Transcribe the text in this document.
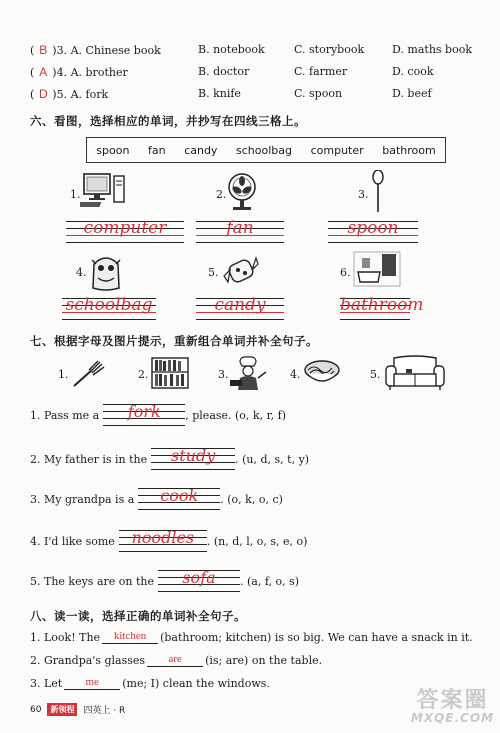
( B )3. A. Chinese book	B. notebook	C. storybook	D. maths book
( A )4. A. brother	B. doctor	C. farmer	D. cook
( D )5. A. fork	B. knife	C. spoon	D. beef
六、看图，选择相应的单词，并抄写在四线三格上。
spoon fan candy schoolbag computer bathroom
1.
computer
2.
fan
3.
spoon
4.
schoolbag
5.
candy
6.
bathroom
七、根据字母及图片提示，重新组合单词并补全句子。
1.	2.	3.	4.	5.
1. Pass me a	fork	, please. (o, k, r, f)
2. My father is in the	study	. (u, d, s, t, y)
3. My grandpa is a	cook	. (o, k, o, c)
4. I'd like some	noodles	. (n, d, l, o, s, e, o)
5. The keys are on the	sofa	. (a, f, o, s)
八、读一读，选择正确的单词补全句子。
1. Look! The	kitchen	(bathroom; kitchen) is so big. We can have a snack in it.
2. Grandpa's glasses	are	(is; are) on the table.
3. Let	me	(me; I) clean the windows.
60	新领程	四英上 · R	答案圈
MXQE.COM
